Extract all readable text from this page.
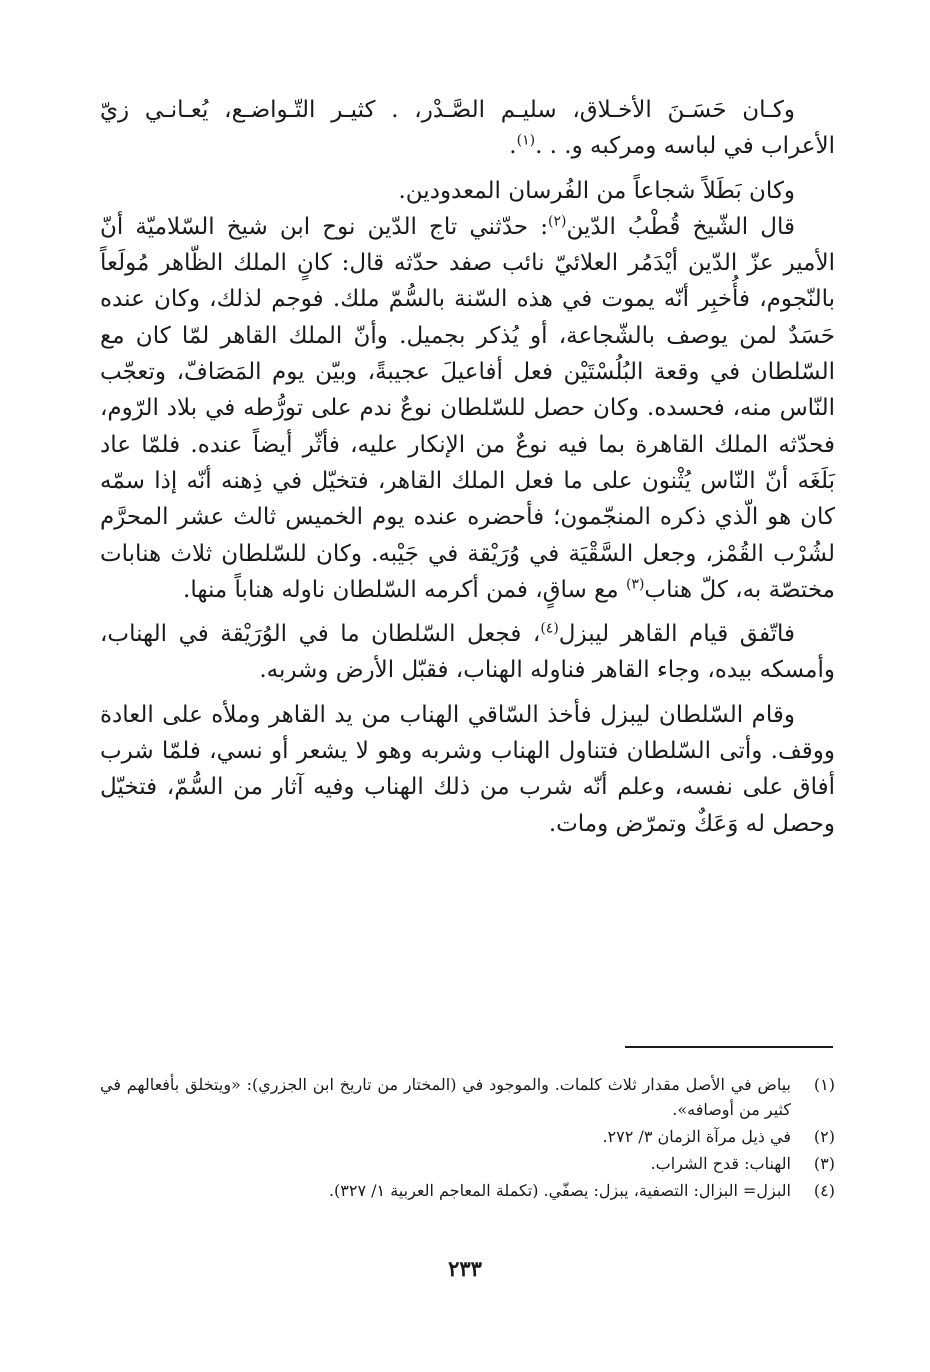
وكـان حَسَـنَ الأخـلاق، سليـم الصَّـدْر، . كثيـر التّـواضـع، يُعـانـي زيّ الأعراب في لباسه ومركبه و. . .$^{(١)}$.

وكان بَطَلاً شجاعاً من الفُرسان المعدودين.

قال الشّيخ قُطْبُ الدّين$^{(٢)}$: حدّثني تاج الدّين نوح ابن شيخ السّلاميّة أنّ الأمير عزّ الدّين أيْدَمُر العلائيّ نائب صفد حدّثه قال: كانٍ الملك الظّاهر مُولَعاً بالنّجوم، فأُخبِر أنّه يموت في هذه السّنة بالسُّمّ ملك. فوجم لذلك، وكان عنده حَسَدٌ لمن يوصف بالشّجاعة، أو يُذكر بجميل. وأنّ الملك القاهر لمّا كان مع السّلطان في وقعة البُلُسْتَيْن فعل أفاعيلَ عجيبةً، وبيّن يوم المَصَافّ، وتعجّب النّاس منه، فحسده. وكان حصل للسّلطان نوعٌ ندم على تورُّطه في بلاد الرّوم، فحدّثه الملك القاهرة بما فيه نوعٌ من الإنكار عليه، فأثّر أيضاً عنده. فلمّا عاد بَلَغَه أنّ النّاس يُثْنون على ما فعل الملك القاهر، فتخيّل في ذِهنه أنّه إذا سمّه كان هو الّذي ذكره المنجّمون؛ فأحضره عنده يوم الخميس ثالث عشر المحرَّم لشُرْب القُمْز، وجعل السَّقْيَة في وُرَيْقة في جَيْبه. وكان للسّلطان ثلاث هنابات مختصّة به، كلّ هناب$^{(٣)}$ مع ساقٍ، فمن أكرمه السّلطان ناوله هناباً منها.

فاتّفق قيام القاهر ليبزل$^{(٤)}$، فجعل السّلطان ما في الوُرَيْقة في الهناب، وأمسكه بيده، وجاء القاهر فناوله الهناب، فقبّل الأرض وشربه.

وقام السّلطان ليبزل فأخذ السّاقي الهناب من يد القاهر وملأه على العادة ووقف. وأتى السّلطان فتناول الهناب وشربه وهو لا يشعر أو نسي، فلمّا شرب أفاق على نفسه، وعلم أنّه شرب من ذلك الهناب وفيه آثار من السُّمّ، فتخيّل وحصل له وَعَكٌ وتمرّض ومات.

(١)
بياض في الأصل مقدار ثلاث كلمات. والموجود في (المختار من تاريخ ابن الجزري): «ويتخلق بأفعالهم في كثير من أوصافه».
(٢)
في ذيل مرآة الزمان ٣/ ٢٧٢.
(٣)
الهناب: قدح الشراب.
(٤)
البزل= البزال: التصفية، يبزل: يصفّي. (تكملة المعاجم العربية ١/ ٣٢٧).
٢٣٣
